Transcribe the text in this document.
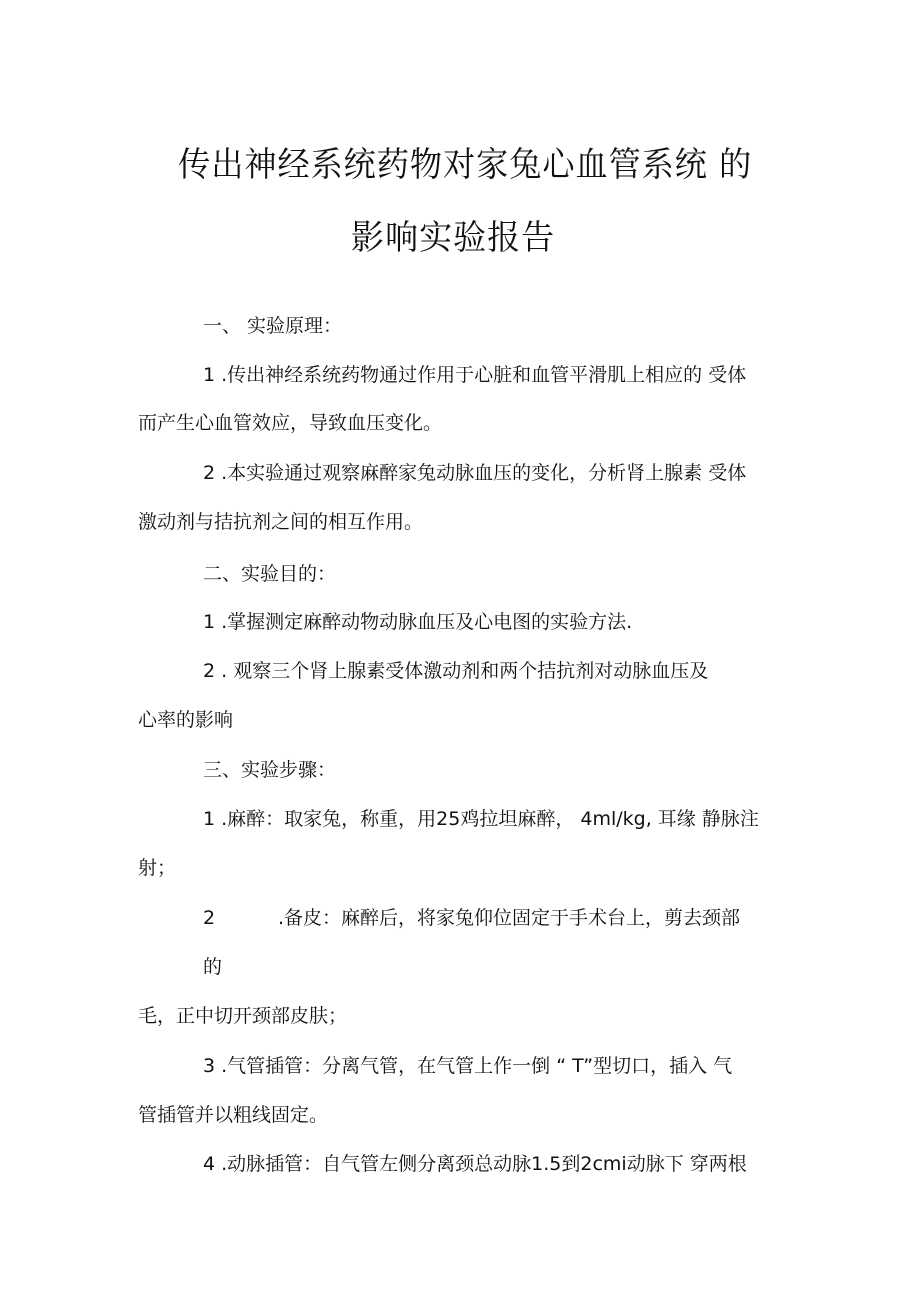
传出神经系统药物对家兔心血管系统 的
影响实验报告
一、 实验原理：
1 .传出神经系统药物通过作用于心脏和血管平滑肌上相应的 受体
而产生心血管效应，导致血压变化。
2 .本实验通过观察麻醉家兔动脉血压的变化，分析肾上腺素 受体
激动剂与拮抗剂之间的相互作用。
二、实验目的：
1 .掌握测定麻醉动物动脉血压及心电图的实验方法.
2 . 观察三个肾上腺素受体激动剂和两个拮抗剂对动脉血压及
心率的影响
三、实验步骤：
1 .麻醉：取家兔，称重，用25鸡拉坦麻醉， 4ml/kg, 耳缘 静脉注
射；
2	.备皮：麻醉后，将家兔仰位固定于手术台上，剪去颈部
的
毛，正中切开颈部皮肤；
3 .气管插管：分离气管，在气管上作一倒 “ T”型切口，插入 气
管插管并以粗线固定。
4 .动脉插管：自气管左侧分离颈总动脉1.5到2cmi动脉下 穿两根
